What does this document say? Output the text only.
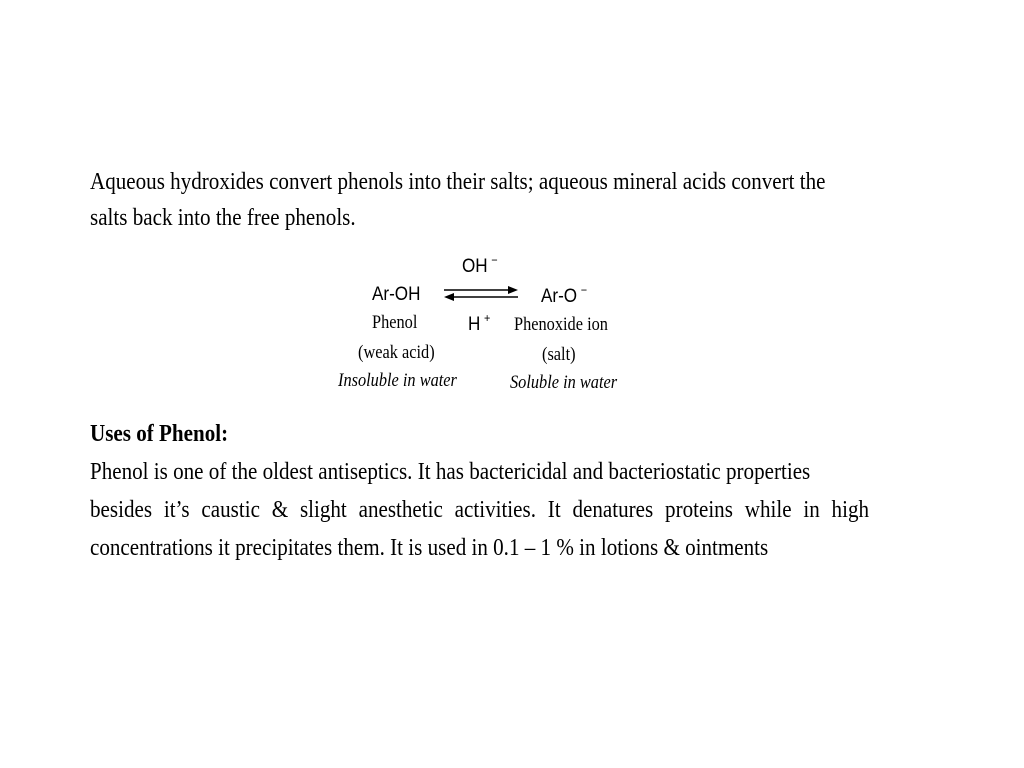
Aqueous hydroxides convert phenols into their salts; aqueous mineral acids convert the
salts back into the free phenols.
OH −
Ar-OH	Ar-O −
H +
Phenol	Phenoxide ion
(weak acid)	(salt)
Insoluble in water	Soluble in water
Uses of Phenol:
Phenol is one of the oldest antiseptics. It has bactericidal and bacteriostatic properties
besides it’s caustic & slight anesthetic activities. It denatures proteins while in high
concentrations it precipitates them. It is used in 0.1 – 1 % in lotions & ointments
